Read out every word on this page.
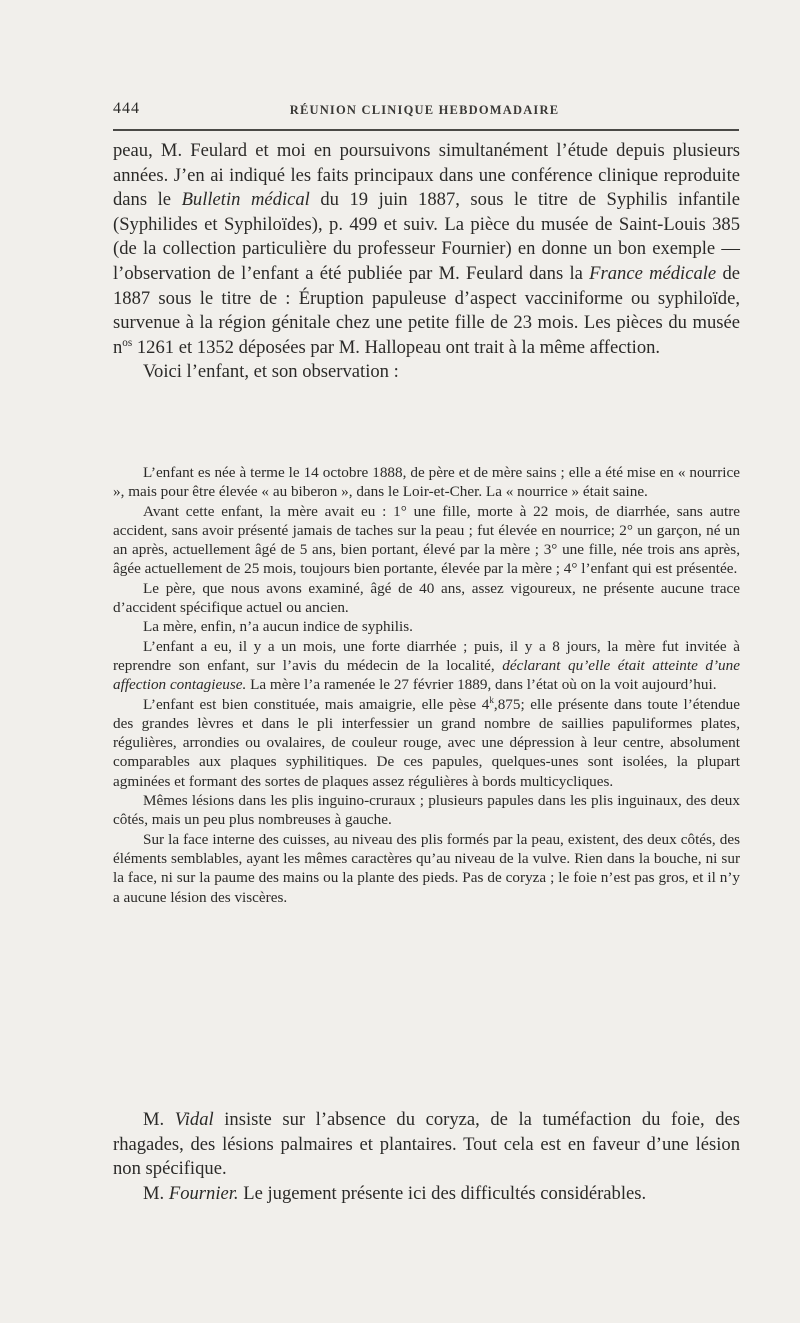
444	RÉUNION CLINIQUE HEBDOMADAIRE

peau, M. Feulard et moi en poursuivons simultanément l’étude depuis plusieurs années. J’en ai indiqué les faits principaux dans une conférence clinique reproduite dans le Bulletin médical du 19 juin 1887, sous le titre de Syphilis infantile (Syphilides et Syphiloïdes), p. 499 et suiv. La pièce du musée de Saint-Louis 385 (de la collection particulière du professeur Fournier) en donne un bon exemple — l’observation de l’enfant a été publiée par M. Feulard dans la France médicale de 1887 sous le titre de : Éruption papuleuse d’aspect vacciniforme ou syphiloïde, survenue à la région génitale chez une petite fille de 23 mois. Les pièces du musée $n^{os}$ 1261 et 1352 déposées par M. Hallopeau ont trait à la même affection.

Voici l’enfant, et son observation :

L’enfant es née à terme le 14 octobre 1888, de père et de mère sains ; elle a été mise en « nourrice », mais pour être élevée « au biberon », dans le Loir-et-Cher. La « nourrice » était saine.

Avant cette enfant, la mère avait eu : 1° une fille, morte à 22 mois, de diarrhée, sans autre accident, sans avoir présenté jamais de taches sur la peau ; fut élevée en nourrice; 2° un garçon, né un an après, actuellement âgé de 5 ans, bien portant, élevé par la mère ; 3° une fille, née trois ans après, âgée actuellement de 25 mois, toujours bien portante, élevée par la mère ; 4° l’enfant qui est présentée.

Le père, que nous avons examiné, âgé de 40 ans, assez vigoureux, ne présente aucune trace d’accident spécifique actuel ou ancien.

La mère, enfin, n’a aucun indice de syphilis.

L’enfant a eu, il y a un mois, une forte diarrhée ; puis, il y a 8 jours, la mère fut invitée à reprendre son enfant, sur l’avis du médecin de la localité, déclarant qu’elle était atteinte d’une affection contagieuse. La mère l’a ramenée le 27 février 1889, dans l’état où on la voit aujourd’hui.

L’enfant est bien constituée, mais amaigrie, elle pèse 4$^k$,875; elle présente dans toute l’étendue des grandes lèvres et dans le pli interfessier un grand nombre de saillies papuliformes plates, régulières, arrondies ou ovalaires, de couleur rouge, avec une dépression à leur centre, absolument comparables aux plaques syphilitiques. De ces papules, quelques-unes sont isolées, la plupart agminées et formant des sortes de plaques assez régulières à bords multicycliques.

Mêmes lésions dans les plis inguino-cruraux ; plusieurs papules dans les plis inguinaux, des deux côtés, mais un peu plus nombreuses à gauche.

Sur la face interne des cuisses, au niveau des plis formés par la peau, existent, des deux côtés, des éléments semblables, ayant les mêmes caractères qu’au niveau de la vulve. Rien dans la bouche, ni sur la face, ni sur la paume des mains ou la plante des pieds. Pas de coryza ; le foie n’est pas gros, et il n’y a aucune lésion des viscères.

M. Vidal insiste sur l’absence du coryza, de la tuméfaction du foie, des rhagades, des lésions palmaires et plantaires. Tout cela est en faveur d’une lésion non spécifique.

M. Fournier. Le jugement présente ici des difficultés considérables.
